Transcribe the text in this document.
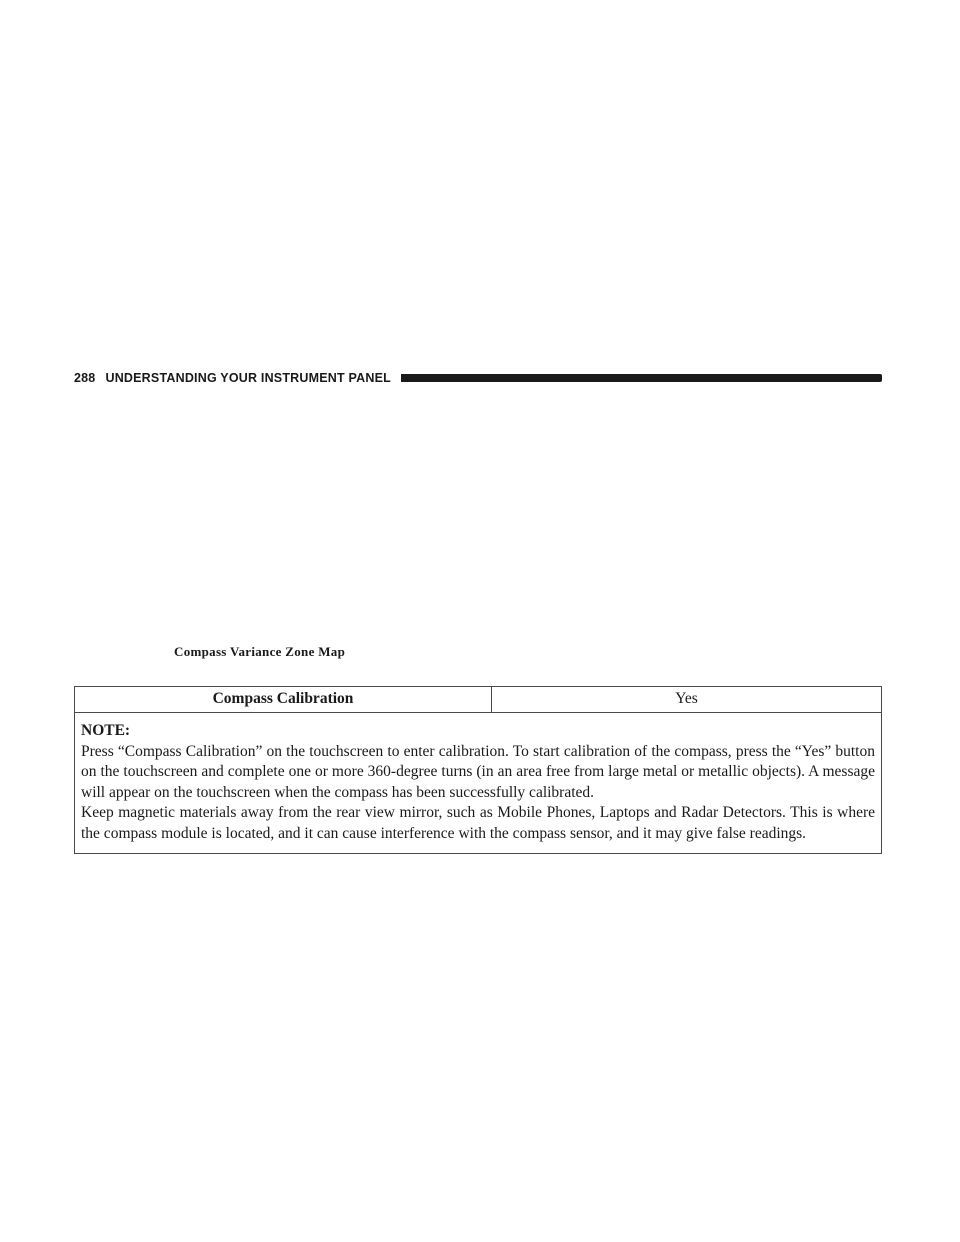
288 UNDERSTANDING YOUR INSTRUMENT PANEL
Compass Variance Zone Map
Compass Calibration	Yes

NOTE:
Press “Compass Calibration” on the touchscreen to enter calibration. To start calibration of the compass, press the “Yes” button on the touchscreen and complete one or more 360-degree turns (in an area free from large metal or metallic objects). A message will appear on the touchscreen when the compass has been successfully calibrated.
Keep magnetic materials away from the rear view mirror, such as Mobile Phones, Laptops and Radar Detectors. This is where the compass module is located, and it can cause interference with the compass sensor, and it may give false readings.
